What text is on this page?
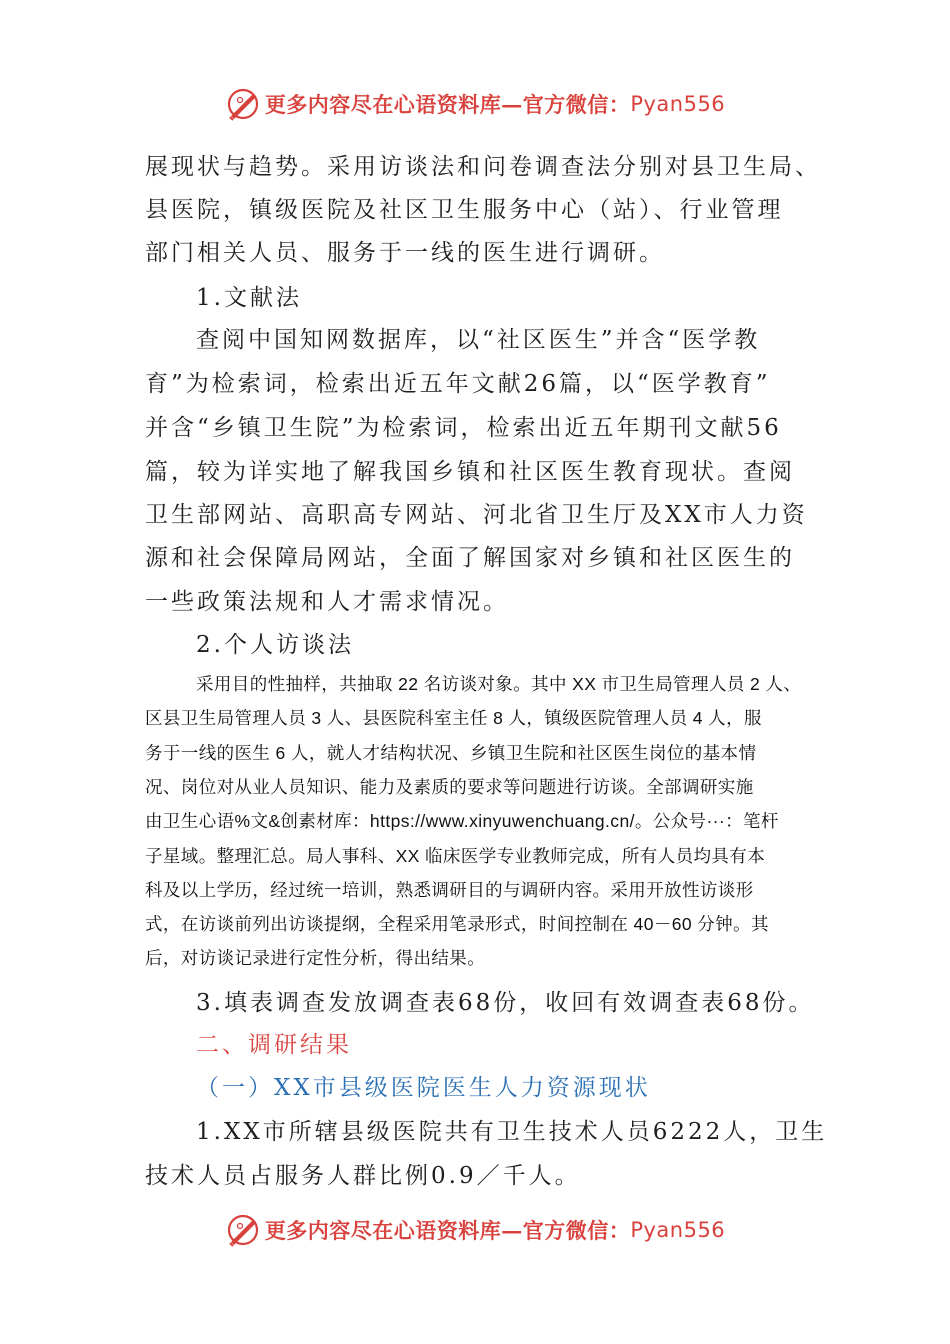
更多内容尽在心语资料库—官方微信： Pyan556
展现状与趋势。采用访谈法和问卷调查法分别对县卫生局、
县医院，镇级医院及社区卫生服务中心（站）、行业管理
部门相关人员、服务于一线的医生进行调研。
1.文献法
查阅中国知网数据库，以“社区医生”并含“医学教
育”为检索词，检索出近五年文献26篇，以“医学教育”
并含“乡镇卫生院”为检索词，检索出近五年期刊文献56
篇，较为详实地了解我国乡镇和社区医生教育现状。查阅
卫生部网站、高职高专网站、河北省卫生厅及XX市人力资
源和社会保障局网站，全面了解国家对乡镇和社区医生的
一些政策法规和人才需求情况。
2.个人访谈法
采用目的性抽样，共抽取 22 名访谈对象。其中 XX 市卫生局管理人员 2 人、
区县卫生局管理人员 3 人、县医院科室主任 8 人，镇级医院管理人员 4 人，服
务于一线的医生 6 人，就人才结构状况、乡镇卫生院和社区医生岗位的基本情
况、岗位对从业人员知识、能力及素质的要求等问题进行访谈。全部调研实施
由卫生心语%文&创素材库：https://www.xinyuwenchuang.cn/。公众号···：笔杆
子星域。整理汇总。局人事科、XX 临床医学专业教师完成，所有人员均具有本
科及以上学历，经过统一培训，熟悉调研目的与调研内容。采用开放性访谈形
式，在访谈前列出访谈提纲，全程采用笔录形式，时间控制在 40－60 分钟。其
后，对访谈记录进行定性分析，得出结果。
3.填表调查发放调查表68份，收回有效调查表68份。
二、调研结果
（一）XX市县级医院医生人力资源现状
1.XX市所辖县级医院共有卫生技术人员6222人，卫生
技术人员占服务人群比例0.9／千人。
更多内容尽在心语资料库—官方微信： Pyan556
